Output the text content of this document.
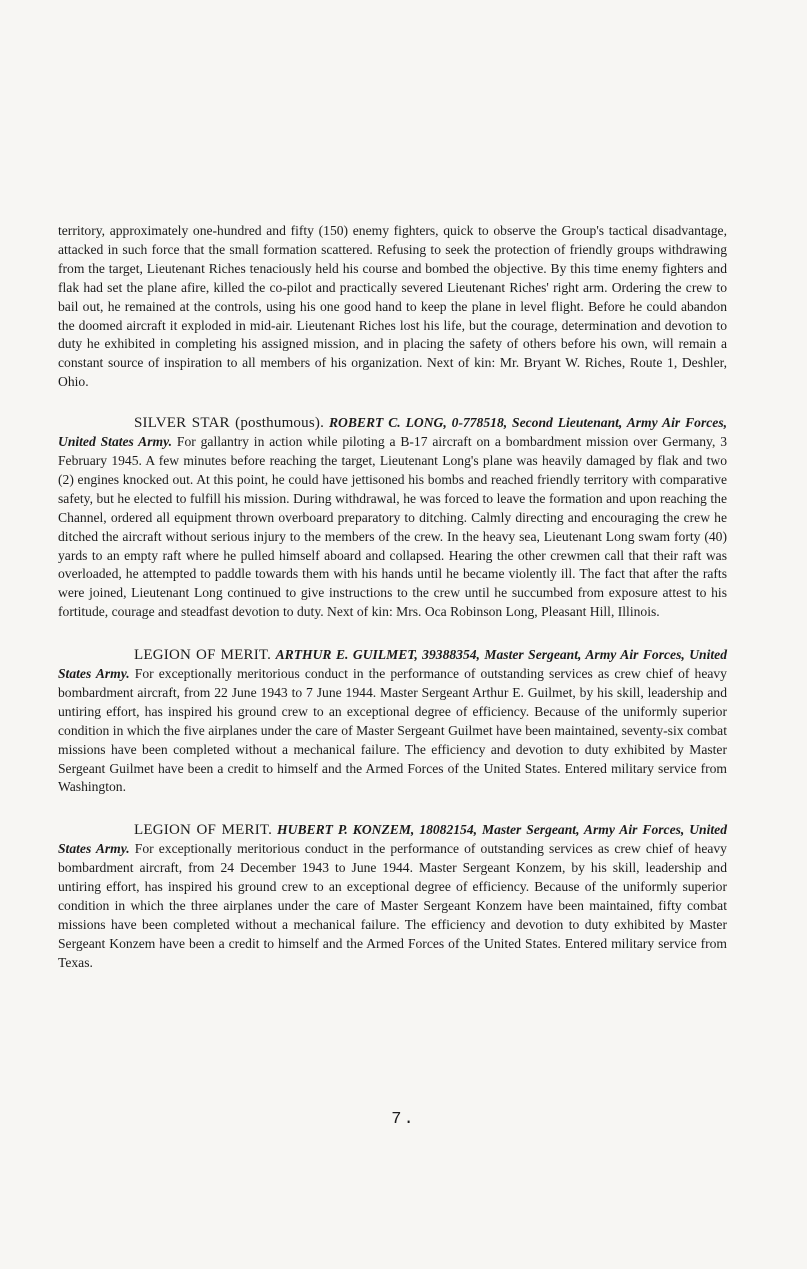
territory, approximately one-hundred and fifty (150) enemy fighters, quick to observe the Group's tactical disadvantage, attacked in such force that the small formation scattered. Refusing to seek the protection of friendly groups withdrawing from the target, Lieutenant Riches tenaciously held his course and bombed the objective. By this time enemy fighters and flak had set the plane afire, killed the co-pilot and practically severed Lieutenant Riches' right arm. Ordering the crew to bail out, he remained at the controls, using his one good hand to keep the plane in level flight. Before he could abandon the doomed aircraft it exploded in mid-air. Lieutenant Riches lost his life, but the courage, determination and devotion to duty he exhibited in completing his assigned mission, and in placing the safety of others before his own, will remain a constant source of inspiration to all members of his organization. Next of kin: Mr. Bryant W. Riches, Route 1, Deshler, Ohio.

SILVER STAR (posthumous). ROBERT C. LONG, 0-778518, Second Lieutenant, Army Air Forces, United States Army. For gallantry in action while piloting a B-17 aircraft on a bombardment mission over Germany, 3 February 1945. A few minutes before reaching the target, Lieutenant Long's plane was heavily damaged by flak and two (2) engines knocked out. At this point, he could have jettisoned his bombs and reached friendly territory with comparative safety, but he elected to fulfill his mission. During withdrawal, he was forced to leave the formation and upon reaching the Channel, ordered all equipment thrown overboard preparatory to ditching. Calmly directing and encouraging the crew he ditched the aircraft without serious injury to the members of the crew. In the heavy sea, Lieutenant Long swam forty (40) yards to an empty raft where he pulled himself aboard and collapsed. Hearing the other crewmen call that their raft was overloaded, he attempted to paddle towards them with his hands until he became violently ill. The fact that after the rafts were joined, Lieutenant Long continued to give instructions to the crew until he succumbed from exposure attest to his fortitude, courage and steadfast devotion to duty. Next of kin: Mrs. Oca Robinson Long, Pleasant Hill, Illinois.

LEGION OF MERIT. ARTHUR E. GUILMET, 39388354, Master Sergeant, Army Air Forces, United States Army. For exceptionally meritorious conduct in the performance of outstanding services as crew chief of heavy bombardment aircraft, from 22 June 1943 to 7 June 1944. Master Sergeant Arthur E. Guilmet, by his skill, leadership and untiring effort, has inspired his ground crew to an exceptional degree of efficiency. Because of the uniformly superior condition in which the five airplanes under the care of Master Sergeant Guilmet have been maintained, seventy-six combat missions have been completed without a mechanical failure. The efficiency and devotion to duty exhibited by Master Sergeant Guilmet have been a credit to himself and the Armed Forces of the United States. Entered military service from Washington.

LEGION OF MERIT. HUBERT P. KONZEM, 18082154, Master Sergeant, Army Air Forces, United States Army. For exceptionally meritorious conduct in the performance of outstanding services as crew chief of heavy bombardment aircraft, from 24 December 1943 to June 1944. Master Sergeant Konzem, by his skill, leadership and untiring effort, has inspired his ground crew to an exceptional degree of efficiency. Because of the uniformly superior condition in which the three airplanes under the care of Master Sergeant Konzem have been maintained, fifty combat missions have been completed without a mechanical failure. The efficiency and devotion to duty exhibited by Master Sergeant Konzem have been a credit to himself and the Armed Forces of the United States. Entered military service from Texas.

7.
